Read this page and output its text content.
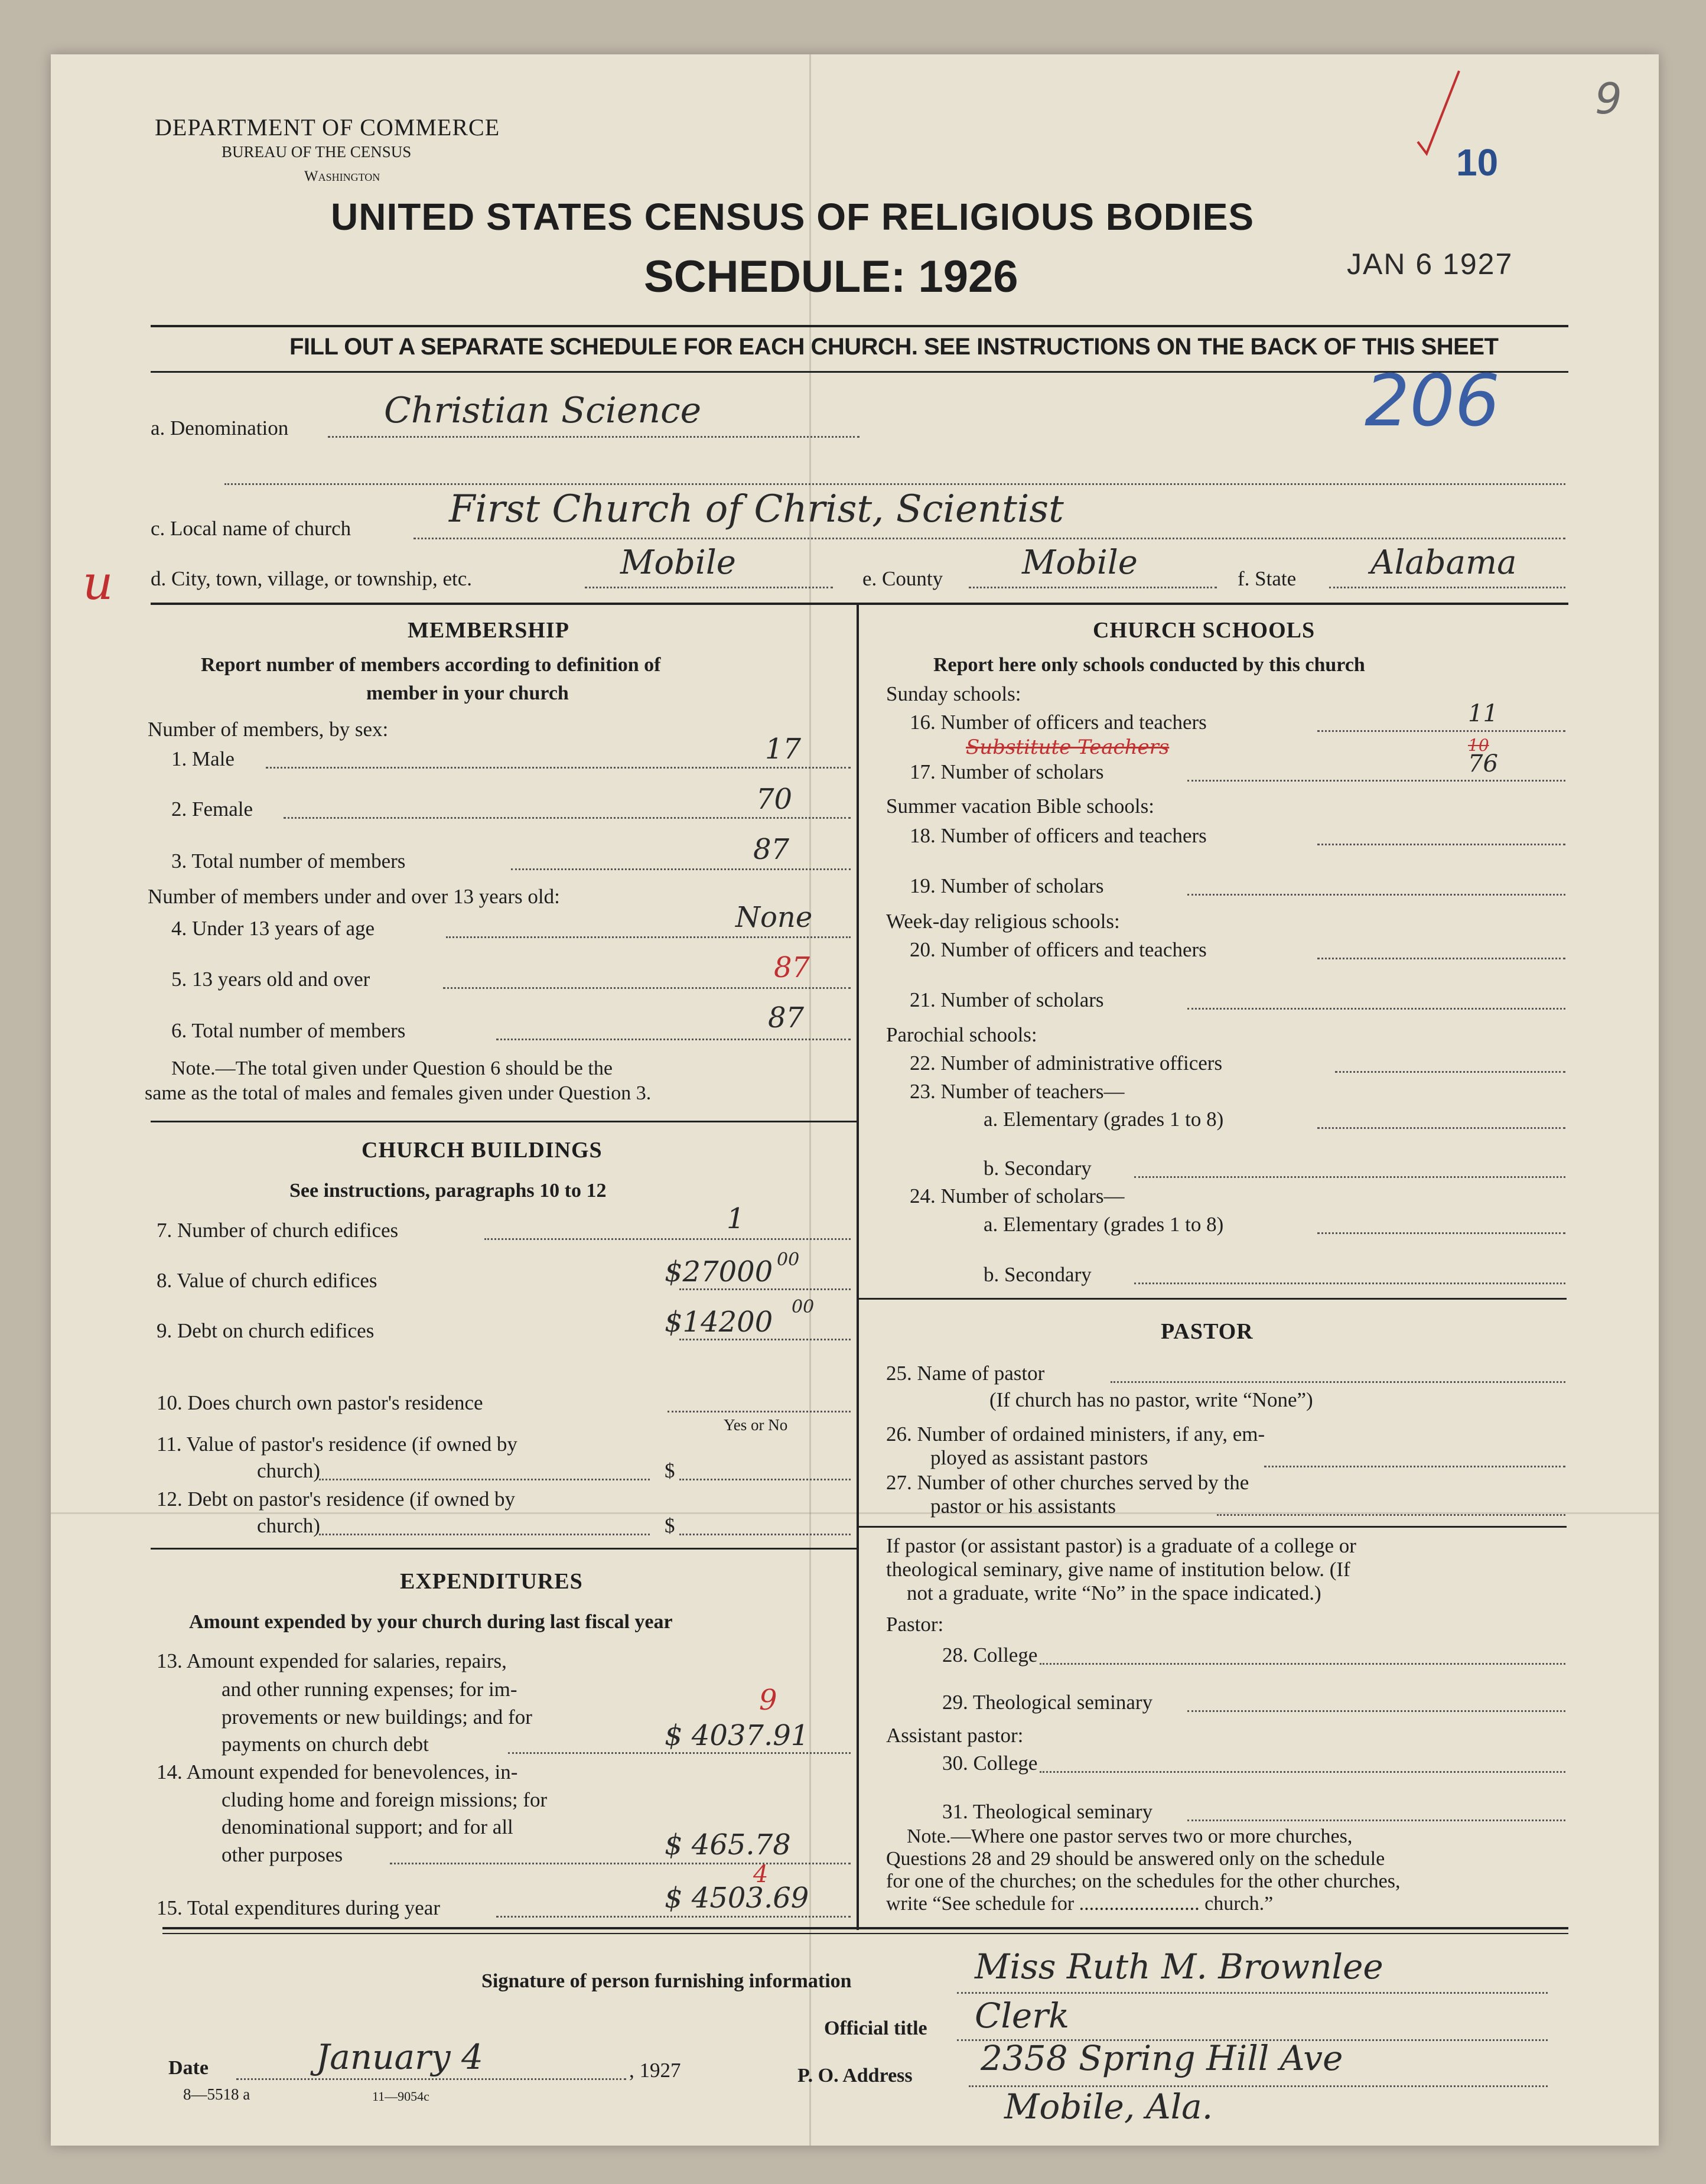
DEPARTMENT OF COMMERCE
BUREAU OF THE CENSUS
Washington
UNITED STATES CENSUS OF RELIGIOUS BODIES
SCHEDULE: 1926
10
JAN 6 1927
9
FILL OUT A SEPARATE SCHEDULE FOR EACH CHURCH. SEE INSTRUCTIONS ON THE BACK OF THIS SHEET
206
a. Denomination	Christian Science
c. Local name of church	First Church of Christ, Scientist
u d. City, town, village, or township, etc.	Mobile	e. County Mobile	f. State Alabama
MEMBERSHIP
Report number of members according to definition of
member in your church
Number of members, by sex:
1. Male	17
2. Female	70
3. Total number of members	87
Number of members under and over 13 years old:
4. Under 13 years of age	None
5. 13 years old and over	87
6. Total number of members	87
Note.—The total given under Question 6 should be the
same as the total of males and females given under Question 3.
CHURCH BUILDINGS
See instructions, paragraphs 10 to 12
7. Number of church edifices	1
8. Value of church edifices	$27000 00
9. Debt on church edifices	$14200 00
10. Does church own pastor's residence
Yes or No
11. Value of pastor's residence (if owned by
church)	$
12. Debt on pastor's residence (if owned by
church)	$
EXPENDITURES
Amount expended by your church during last fiscal year
13. Amount expended for salaries, repairs,
and other running expenses; for im-
provements or new buildings; and for
payments on church debt	$ 4037.91
9
14. Amount expended for benevolences, in-
cluding home and foreign missions; for
denominational support; and for all
other purposes	$ 465.78
15. Total expenditures during year	$ 4503.69
4
CHURCH SCHOOLS
Report here only schools conducted by this church
Sunday schools:
16. Number of officers and teachers	11
Substitute Teachers	10
17. Number of scholars	76
Summer vacation Bible schools:
18. Number of officers and teachers
19. Number of scholars
Week-day religious schools:
20. Number of officers and teachers
21. Number of scholars
Parochial schools:
22. Number of administrative officers
23. Number of teachers—
a. Elementary (grades 1 to 8)
b. Secondary
24. Number of scholars—
a. Elementary (grades 1 to 8)
b. Secondary
PASTOR
25. Name of pastor
(If church has no pastor, write “None”)
26. Number of ordained ministers, if any, em-
ployed as assistant pastors
27. Number of other churches served by the
pastor or his assistants
If pastor (or assistant pastor) is a graduate of a college or
theological seminary, give name of institution below. (If
not a graduate, write “No” in the space indicated.)
Pastor:
28. College
29. Theological seminary
Assistant pastor:
30. College
31. Theological seminary
Note.—Where one pastor serves two or more churches,
Questions 28 and 29 should be answered only on the schedule
for one of the churches; on the schedules for the other churches,
write “See schedule for ........................ church.”
Signature of person furnishing information	Miss Ruth M. Brownlee
Official title Clerk
Date	January 4	, 1927
8—5518 a	11—9054c
P. O. Address 2358 Spring Hill Ave
Mobile, Ala.
